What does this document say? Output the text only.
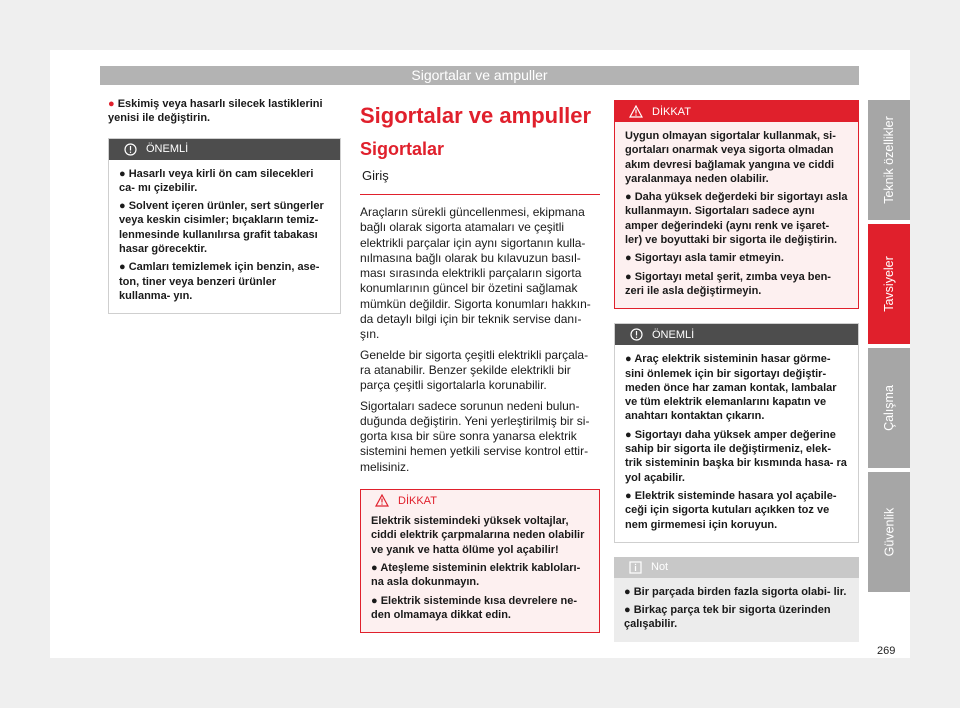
Sigortalar ve ampuller
Teknik özellikler
Tavsiyeler
Çalışma
Güvenlik
269

● Eskimiş veya hasarlı silecek lastiklerini yenisi ile değiştirin.

ÖNEMLİ

● Hasarlı veya kirli ön cam silecekleri ca- mı çizebilir.

● Solvent içeren ürünler, sert süngerler veya keskin cisimler; bıçakların temiz- lenmesinde kullanılırsa grafit tabakası hasar görecektir.

● Camları temizlemek için benzin, ase- ton, tiner veya benzeri ürünler kullanma- yın.

Sigortalar ve ampuller

Sigortalar

Giriş

Araçların sürekli güncellenmesi, ekipmana bağlı olarak sigorta atamaları ve çeşitli elektrikli parçalar için aynı sigortanın kulla- nılmasına bağlı olarak bu kılavuzun basıl- ması sırasında elektrikli parçaların sigorta konumlarının güncel bir özetini sağlamak mümkün değildir. Sigorta konumları hakkın- da detaylı bilgi için bir teknik servise danı- şın.

Genelde bir sigorta çeşitli elektrikli parçala- ra atanabilir. Benzer şekilde elektrikli bir parça çeşitli sigortalarla korunabilir.

Sigortaları sadece sorunun nedeni bulun- duğunda değiştirin. Yeni yerleştirilmiş bir si- gorta kısa bir süre sonra yanarsa elektrik sistemini hemen yetkili servise kontrol ettir- melisiniz.

DİKKAT

Elektrik sistemindeki yüksek voltajlar, ciddi elektrik çarpmalarına neden olabilir ve yanık ve hatta ölüme yol açabilir!

● Ateşleme sisteminin elektrik kabloları- na asla dokunmayın.

● Elektrik sisteminde kısa devrelere ne- den olmamaya dikkat edin.

DİKKAT

Uygun olmayan sigortalar kullanmak, si- gortaları onarmak veya sigorta olmadan akım devresi bağlamak yangına ve ciddi yaralanmaya neden olabilir.

● Daha yüksek değerdeki bir sigortayı asla kullanmayın. Sigortaları sadece aynı amper değerindeki (aynı renk ve işaret- ler) ve boyuttaki bir sigorta ile değiştirin.

● Sigortayı asla tamir etmeyin.

● Sigortayı metal şerit, zımba veya ben- zeri ile asla değiştirmeyin.

ÖNEMLİ

● Araç elektrik sisteminin hasar görme- sini önlemek için bir sigortayı değiştir- meden önce har zaman kontak, lambalar ve tüm elektrik elemanlarını kapatın ve anahtarı kontaktan çıkarın.

● Sigortayı daha yüksek amper değerine sahip bir sigorta ile değiştirmeniz, elek- trik sisteminin başka bir kısmında hasa- ra yol açabilir.

● Elektrik sisteminde hasara yol açabile- ceği için sigorta kutuları açıkken toz ve nem girmemesi için koruyun.

Not

● Bir parçada birden fazla sigorta olabi- lir.

● Birkaç parça tek bir sigorta üzerinden çalışabilir.
